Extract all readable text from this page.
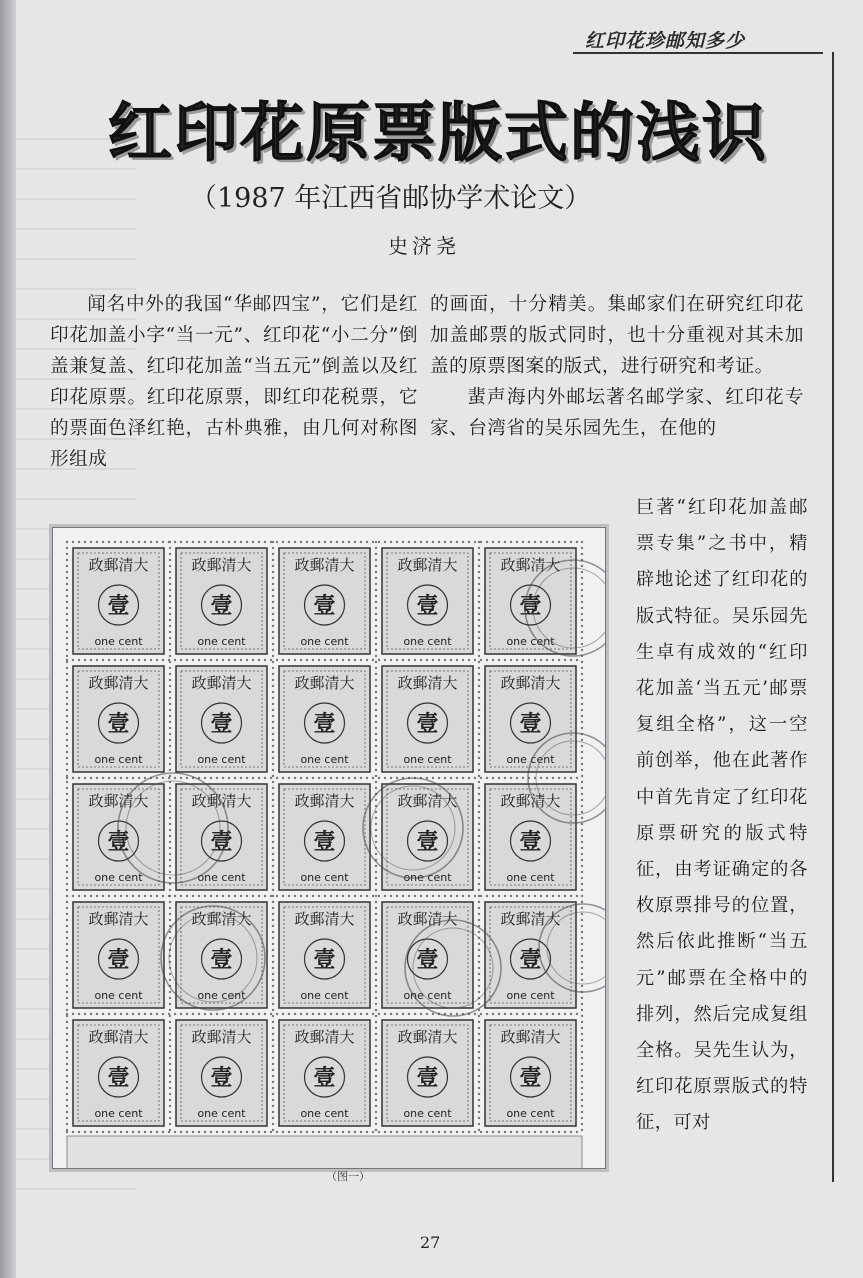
红印花珍邮知多少
红印花原票版式的浅识
（1987 年江西省邮协学术论文）
史济尧

闻名中外的我国“华邮四宝”，它们是红印花加盖小字“当一元”、红印花“小二分”倒盖兼复盖、红印花加盖“当五元”倒盖以及红印花原票。红印花原票，即红印花税票，它的票面色泽红艳，古朴典雅，由几何对称图形组成

的画面，十分精美。集邮家们在研究红印花加盖邮票的版式同时，也十分重视对其未加盖的原票图案的版式，进行研究和考证。

蜚声海内外邮坛著名邮学家、红印花专家、台湾省的吴乐园先生，在他的

巨著“红印花加盖邮票专集”之书中，精辟地论述了红印花的版式特征。吴乐园先生卓有成效的“红印花加盖‘当五元’邮票复组全格”，这一空前创举，他在此著作中首先肯定了红印花原票研究的版式特征，由考证确定的各枚原票排号的位置，然后依此推断“当五元”邮票在全格中的排列，然后完成复组全格。吴先生认为，红印花原票版式的特征，可对

政郵清大
壹
one cent
政郵清大
壹
one cent
政郵清大
壹
one cent
政郵清大
壹
one cent
政郵清大
壹
one cent
政郵清大
壹
one cent
政郵清大
壹
one cent
政郵清大
壹
one cent
政郵清大
壹
one cent
政郵清大
壹
one cent
政郵清大
壹
one cent
政郵清大
壹
one cent
政郵清大
壹
one cent
政郵清大
壹
one cent
政郵清大
壹
one cent
政郵清大
壹
one cent
政郵清大
壹
one cent
政郵清大
壹
one cent
政郵清大
壹
one cent
政郵清大
壹
one cent
政郵清大
壹
one cent
政郵清大
壹
one cent
政郵清大
壹
one cent
政郵清大
壹
one cent
政郵清大
壹
one cent
（图一）
27
